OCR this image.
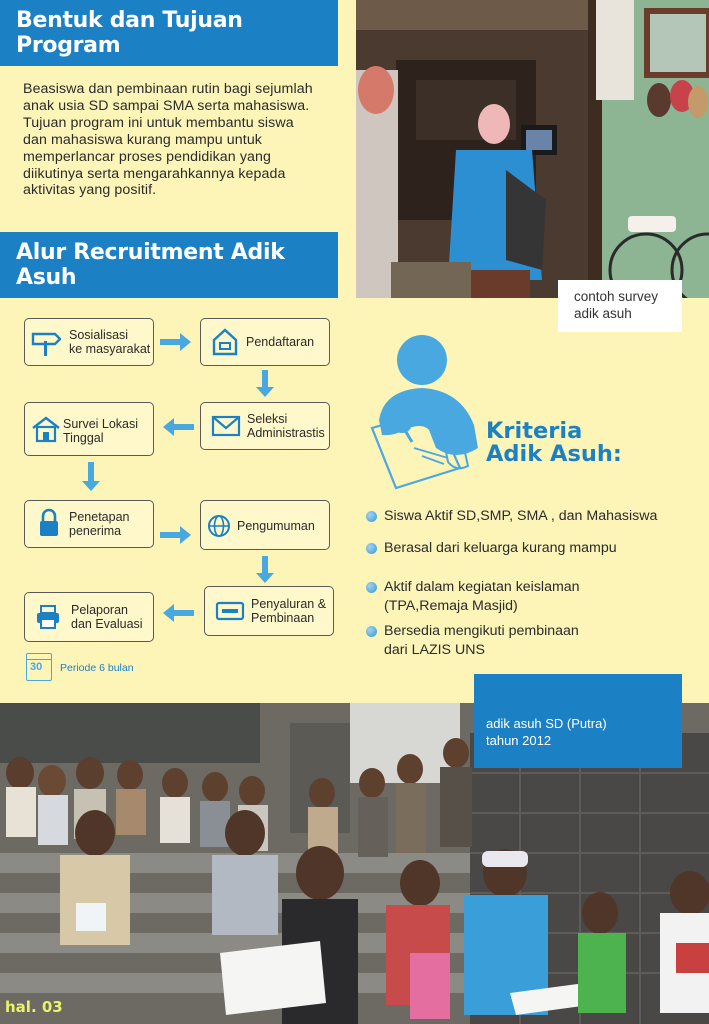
Bentuk dan Tujuan Program
Beasiswa dan pembinaan rutin bagi sejumlah
anak usia SD sampai SMA serta mahasiswa.
Tujuan program ini untuk membantu siswa
dan mahasiswa kurang mampu untuk
memperlancar proses pendidikan yang
diikutinya serta mengarahkannya kepada
aktivitas yang positif.
contoh survey
adik asuh
Alur Recruitment Adik Asuh
Sosialisasi
ke masyarakat	Pendaftaran
Seleksi
Administrastis
Survei Lokasi
Tinggal
Penetapan
penerima	Pengumuman
Penyaluran &
Pembinaan
Pelaporan
dan Evaluasi
30 Periode 6 bulan
Kriteria
Adik Asuh:
Siswa Aktif SD,SMP, SMA , dan Mahasiswa
Berasal dari keluarga kurang mampu
Aktif dalam kegiatan keislaman
(TPA,Remaja Masjid)
Bersedia mengikuti pembinaan
dari LAZIS UNS
adik asuh SD (Putra)
tahun 2012
hal. 03
